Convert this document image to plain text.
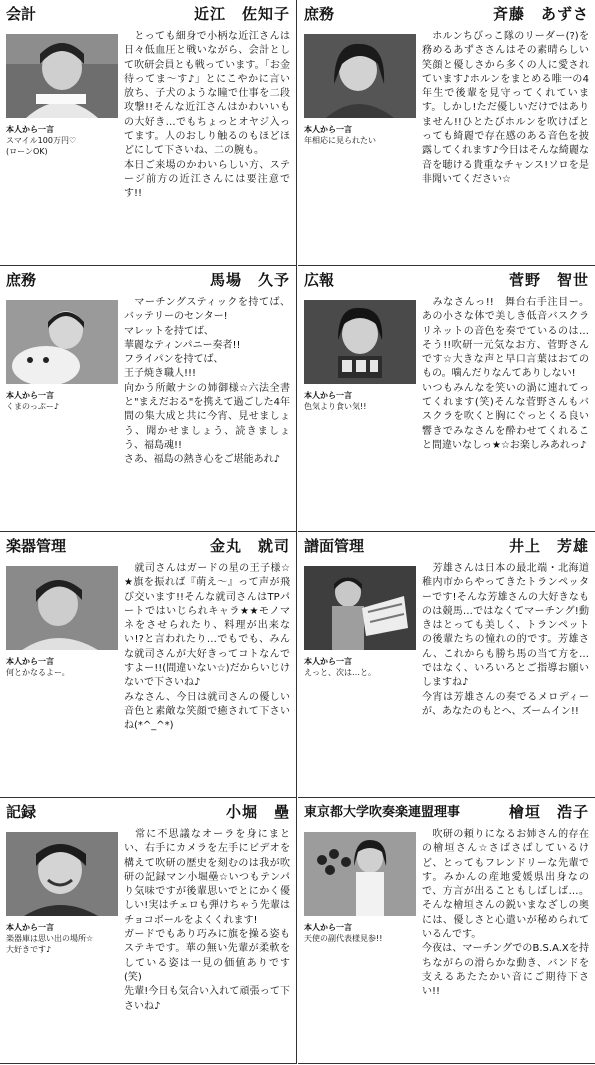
会計	近江　佐知子
本人から一言
スマイル100万円♡
(ローンOK)
　とっても細身で小柄な近江さんは日々低血圧と戦いながら、会計として吹研会員とも戦っています。「お金待ってま～す♪」とにこやかに言い放ち、子犬のような瞳で仕事を二段攻撃!!そんな近江さんはかわいいもの大好き…でもちょっとオヤジ入ってます。人のおしり触るのもほどほどにして下さいね、二の腕も。
本日ご来場のかわいらしい方、ステージ前方の近江さんには要注意です!!
庶務	斉藤　あずさ
本人から一言
年相応に見られたい
　ホルンちびっこ隊のリーダー(?)を務めるあずささんはその素晴らしい笑顔と優しさから多くの人に愛されています♪ホルンをまとめる唯一の4年生で後輩を見守ってくれています。しかし!ただ優しいだけではありません!!ひとたびホルンを吹けばとっても綺麗で存在感のある音色を披露してくれます♪今日はそんな綺麗な音を聴ける貴重なチャンス!ソロを是非聞いてください☆
庶務	馬場　久予
本人から一言
くまのっぷー♪
　マーチングスティックを持てば、バッテリーのセンター!
マレットを持てば、
華麗なティンパニー奏者!!
フライパンを持てば、
王子焼き職人!!!
向かう所敵ナシの姉御様☆六法全書と"まえだおる"を携えて過ごした4年間の集大成と共に今宵、見せましょう、聞かせましょう、読きましょう、福島魂!!
さあ、福島の熱き心をご堪能あれ♪
広報	菅野　智世
本人から一言
色気より食い気!!
　みなさんっ!!　舞台右手注目ー。あの小さな体で美しき低音バスクラリネットの音色を奏でているのは…そう!!吹研一元気なお方、菅野さんです☆大きな声と早口言葉はおてのもの。噛んだりなんてありしない!
いつもみんなを笑いの渦に連れてってくれます(笑)そんな菅野さんもバスクラを吹くと胸にぐっとくる良い響きでみなさんを酔わせてくれること間違いなしっ★☆お楽しみあれっ♪
楽器管理	金丸　就司
本人から一言
何とかなるよー。
　就司さんはガードの星の王子様☆★旗を振れば『萌え～』って声が飛び交います!!そんな就司さんはTPパートではいじられキャラ★★モノマネをさせられたり、料理が出来ない!?と言われたり…でもでも、みんな就司さんが大好きってコトなんですよー!!(間違いない☆)だからいじけないで下さいね♪
みなさん、今日は就司さんの優しい音色と素敵な笑顔で癒されて下さいね(*^_^*)
譜面管理	井上　芳雄
本人から一言
えっと、次は…と。
　芳雄さんは日本の最北端・北海道稚内市からやってきたトランペッターです!そんな芳雄さんの大好きなものは競馬…ではなくてマーチング!動きはとっても美しく、トランペットの後輩たちの憧れの的です。芳雄さん、これからも勝ち馬の当て方を…ではなく、いろいろとご指導お願いしますね♪
今宵は芳雄さんの奏でるメロディーが、あなたのもとへ、ズームイン!!
記録	小堀　壘
本人から一言
楽器庫は思い出の場所☆
大好きです♪
　常に不思議なオーラを身にまとい、右手にカメラを左手にビデオを構えて吹研の歴史を刻むのは我が吹研の記録マン小堀壘☆いつもテンパり気味ですが後輩思いでとにかく優しい!実はチェロも弾けちゃう先輩はチョコボールをよくくれます!
ガードでもあり巧みに旗を操る姿もステキです。華の無い先輩が柔軟をしている姿は一見の価値ありです(笑)
先輩!今日も気合い入れて頑張って下さいね♪
東京都大学吹奏楽連盟理事	檜垣　浩子
本人から一言
天使の副代表様見参!!
　吹研の頼りになるお姉さん的存在の檜垣さん☆さばさばしているけど、とってもフレンドリーな先輩です。みかんの産地愛媛県出身なので、方言が出ることもしばしば…。そんな檜垣さんの鋭いまなざしの奥には、優しさと心遣いが秘められているんです。
今夜は、マーチングでのB.S.A.Xを持ちながらの滑らかな動き、バンドを支えるあたたかい音にご期待下さい!!
